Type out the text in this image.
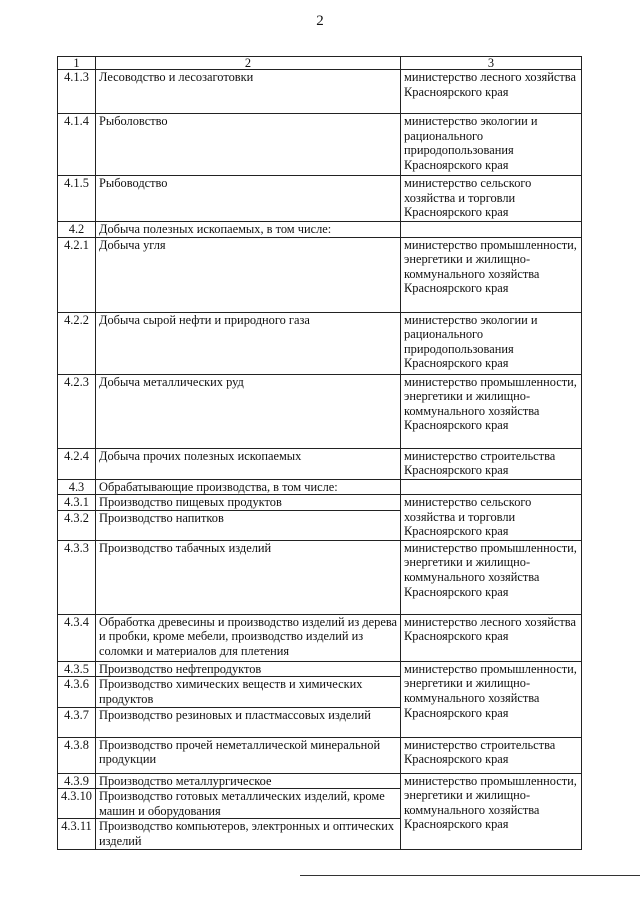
2
1	2	3
4.1.3	Лесоводство и лесозаготовки	министерство лесного хозяйства Красноярского края
4.1.4	Рыболовство	министерство экологии и рационального природопользования Красноярского края
4.1.5	Рыбоводство	министерство сельского хозяйства и торговли Красноярского края
4.2	Добыча полезных ископаемых, в том числе:	
4.2.1	Добыча угля	министерство промышленности, энергетики и жилищно-коммунального хозяйства Красноярского края
4.2.2	Добыча сырой нефти и природного газа	министерство экологии и рационального природопользования Красноярского края
4.2.3	Добыча металлических руд	министерство промышленности, энергетики и жилищно-коммунального хозяйства Красноярского края
4.2.4	Добыча прочих полезных ископаемых	министерство строительства Красноярского края
4.3	Обрабатывающие производства, в том числе:	
4.3.1	Производство пищевых продуктов	министерство сельского хозяйства и торговли Красноярского края
4.3.2	Производство напитков	
4.3.3	Производство табачных изделий	министерство промышленности, энергетики и жилищно-коммунального хозяйства Красноярского края
4.3.4	Обработка древесины и производство изделий из дерева и пробки, кроме мебели, производство изделий из соломки и материалов для плетения	министерство лесного хозяйства Красноярского края
4.3.5	Производство нефтепродуктов	министерство промышленности, энергетики и жилищно-коммунального хозяйства Красноярского края
4.3.6	Производство химических веществ и химических продуктов	
4.3.7	Производство резиновых и пластмассовых изделий	
4.3.8	Производство прочей неметаллической минеральной продукции	министерство строительства Красноярского края
4.3.9	Производство металлургическое	министерство промышленности, энергетики и жилищно-коммунального хозяйства Красноярского края
4.3.10	Производство готовых металлических изделий, кроме машин и оборудования	
4.3.11	Производство компьютеров, электронных и оптических изделий	
